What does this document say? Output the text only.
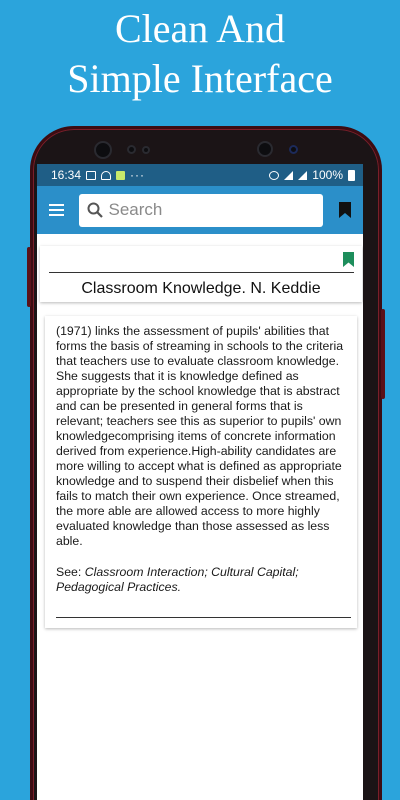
Clean And
Simple Interface
16:34	···	100%
Search
Classroom Knowledge. N. Keddie
(1971) links the assessment of pupils' abilities that forms the basis of streaming in schools to the criteria that teachers use to evaluate classroom knowledge. She suggests that it is knowledge defined as appropriate by the school knowledge that is abstract and can be presented in general forms that is relevant; teachers see this as superior to pupils' own knowledgecomprising items of concrete information derived from experience.High-ability candidates are more willing to accept what is defined as appropriate knowledge and to suspend their disbelief when this fails to match their own experience. Once streamed, the more able are allowed access to more highly evaluated knowledge than those assessed as less able.
See: Classroom Interaction; Cultural Capital; Pedagogical Practices.
